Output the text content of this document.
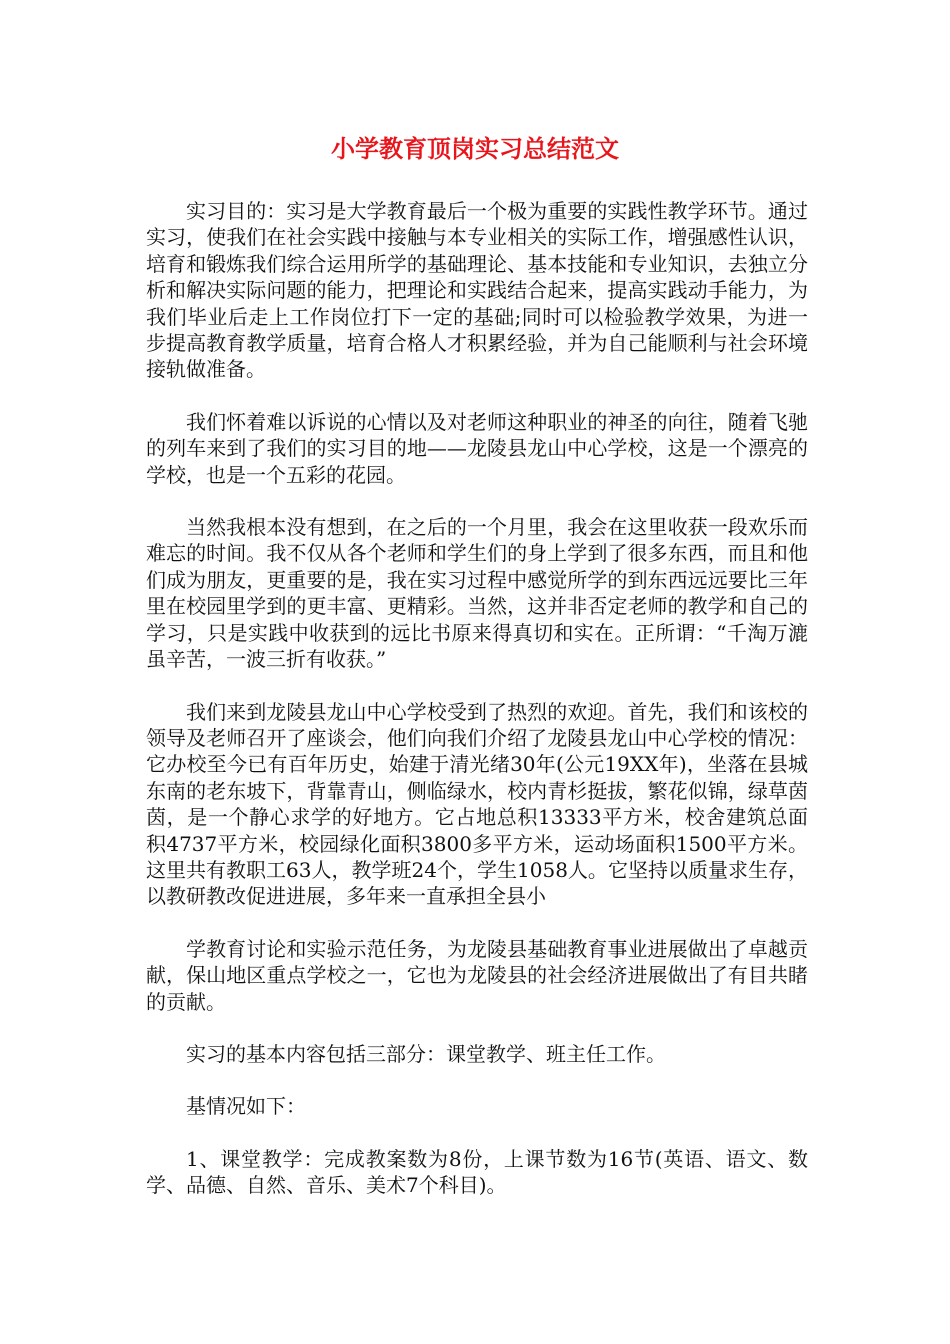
小学教育顶岗实习总结范文

实习目的：实习是大学教育最后一个极为重要的实践性教学环节。通过实习，使我们在社会实践中接触与本专业相关的实际工作，增强感性认识，培育和锻炼我们综合运用所学的基础理论、基本技能和专业知识，去独立分析和解决实际问题的能力，把理论和实践结合起来，提高实践动手能力，为我们毕业后走上工作岗位打下一定的基础;同时可以检验教学效果，为进一步提高教育教学质量，培育合格人才积累经验，并为自己能顺利与社会环境接轨做准备。

我们怀着难以诉说的心情以及对老师这种职业的神圣的向往，随着飞驰的列车来到了我们的实习目的地——龙陵县龙山中心学校，这是一个漂亮的学校，也是一个五彩的花园。

当然我根本没有想到，在之后的一个月里，我会在这里收获一段欢乐而难忘的时间。我不仅从各个老师和学生们的身上学到了很多东西，而且和他们成为朋友，更重要的是，我在实习过程中感觉所学的到东西远远要比三年里在校园里学到的更丰富、更精彩。当然，这并非否定老师的教学和自己的学习，只是实践中收获到的远比书原来得真切和实在。正所谓：“千淘万漉虽辛苦，一波三折有收获。”

我们来到龙陵县龙山中心学校受到了热烈的欢迎。首先，我们和该校的领导及老师召开了座谈会，他们向我们介绍了龙陵县龙山中心学校的情况：它办校至今已有百年历史，始建于清光绪30年(公元19XX年)，坐落在县城东南的老东坡下，背靠青山，侧临绿水，校内青杉挺拔，繁花似锦，绿草茵茵，是一个静心求学的好地方。它占地总积13333平方米，校舍建筑总面积4737平方米，校园绿化面积3800多平方米，运动场面积1500平方米。这里共有教职工63人，教学班24个，学生1058人。它坚持以质量求生存，以教研教改促进进展，多年来一直承担全县小

学教育讨论和实验示范任务，为龙陵县基础教育事业进展做出了卓越贡献，保山地区重点学校之一，它也为龙陵县的社会经济进展做出了有目共睹的贡献。

实习的基本内容包括三部分：课堂教学、班主任工作。

基情况如下：

1、课堂教学：完成教案数为8份，上课节数为16节(英语、语文、数学、品德、自然、音乐、美术7个科目)。
